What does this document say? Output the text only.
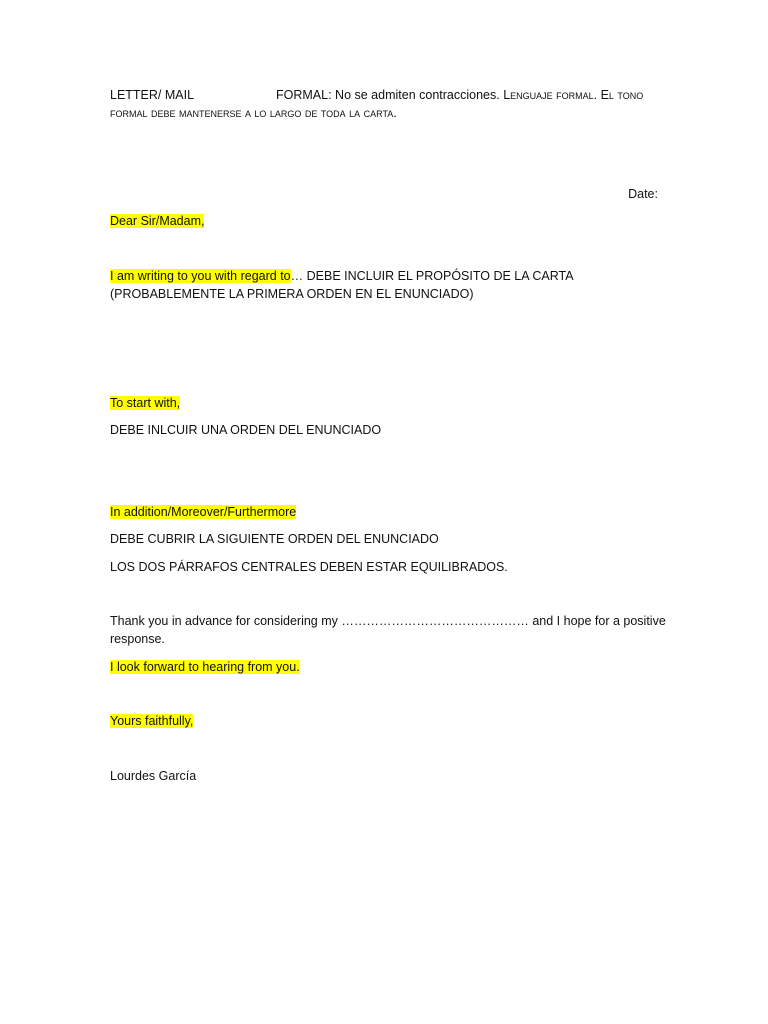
LETTER/ MAIL	FORMAL: No se admiten contracciones. Lenguaje formal. El tono
formal debe mantenerse a lo largo de toda la carta.
Date:
Dear Sir/Madam,
I am writing to you with regard to… DEBE INCLUIR EL PROPÓSITO DE LA CARTA
(PROBABLEMENTE LA PRIMERA ORDEN EN EL ENUNCIADO)
To start with,
DEBE INLCUIR UNA ORDEN DEL ENUNCIADO
In addition/Moreover/Furthermore
DEBE CUBRIR LA SIGUIENTE ORDEN DEL ENUNCIADO
LOS DOS PÁRRAFOS CENTRALES DEBEN ESTAR EQUILIBRADOS.
Thank you in advance for considering my ……………………………………… and I hope for a positive
response.
I look forward to hearing from you.
Yours faithfully,
Lourdes García
